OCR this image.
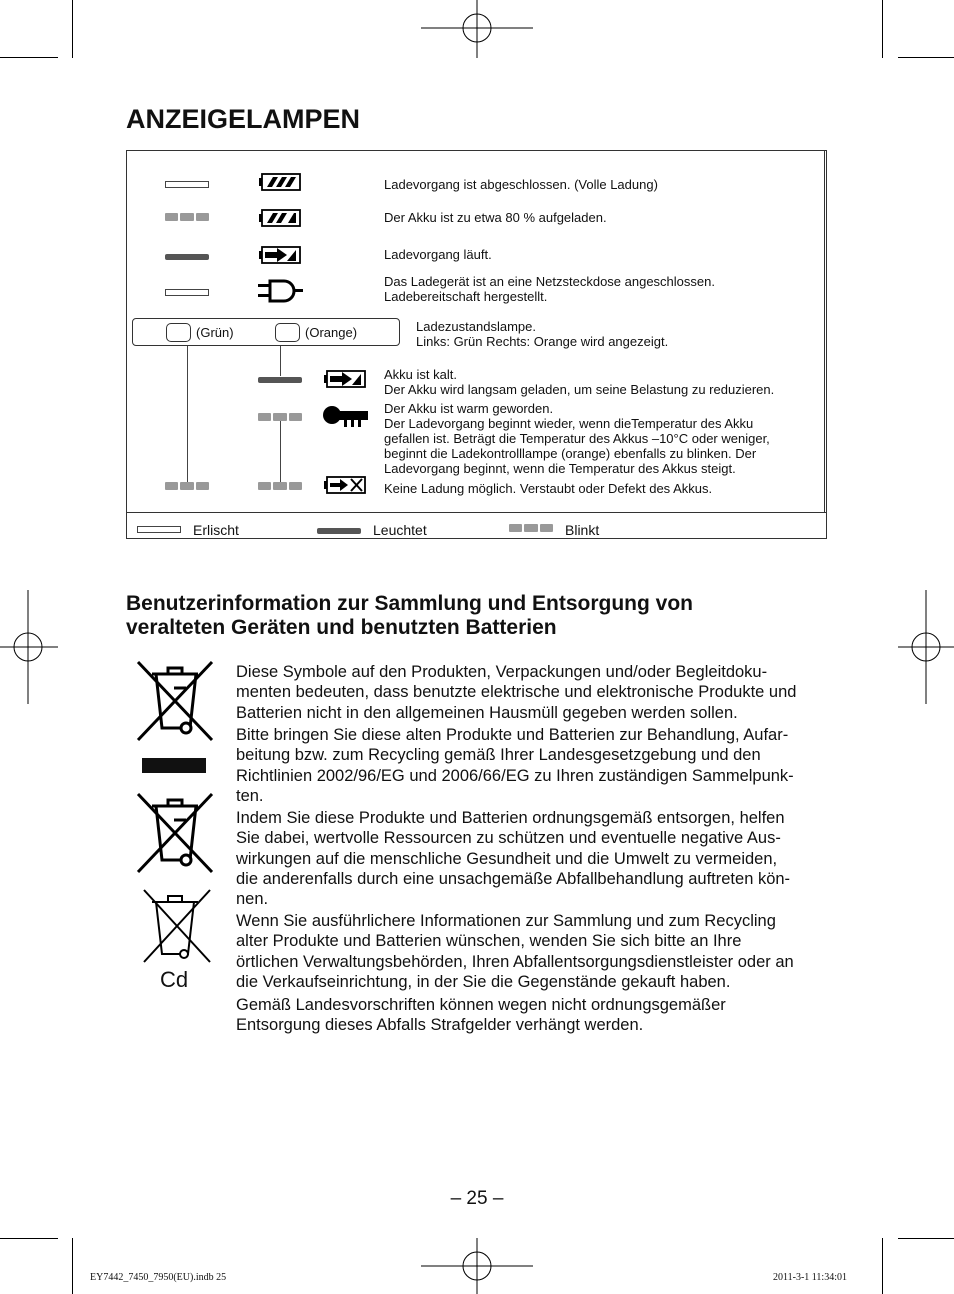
ANZEIGELAMPEN
Ladevorgang ist abgeschlossen. (Volle Ladung)
Der Akku ist zu etwa 80 % aufgeladen.
Ladevorgang läuft.
Das Ladegerät ist an eine Netzsteckdose angeschlossen.
Ladebereitschaft hergestellt.
(Grün)	(Orange)	Ladezustandslampe.
Links: Grün Rechts: Orange wird angezeigt.
Akku ist kalt.
Der Akku wird langsam geladen, um seine Belastung zu reduzieren.
Der Akku ist warm geworden.
Der Ladevorgang beginnt wieder, wenn dieTemperatur des Akku
gefallen ist. Beträgt die Temperatur des Akkus –10°C oder weniger,
beginnt die Ladekontrolllampe (orange) ebenfalls zu blinken. Der
Ladevorgang beginnt, wenn die Temperatur des Akkus steigt.
Keine Ladung möglich. Verstaubt oder Defekt des Akkus.
Erlischt	Leuchtet	Blinkt
Benutzerinformation zur Sammlung und Entsorgung von
veralteten Geräten und benutzten Batterien
Cd
Diese Symbole auf den Produkten, Verpackungen und/oder Begleitdoku-
menten bedeuten, dass benutzte elektrische und elektronische Produkte und
Batterien nicht in den allgemeinen Hausmüll gegeben werden sollen.
Bitte bringen Sie diese alten Produkte und Batterien zur Behandlung, Aufar-
beitung bzw. zum Recycling gemäß Ihrer Landesgesetzgebung und den
Richtlinien 2002/96/EG und 2006/66/EG zu Ihren zuständigen Sammelpunk-
ten.
Indem Sie diese Produkte und Batterien ordnungsgemäß entsorgen, helfen
Sie dabei, wertvolle Ressourcen zu schützen und eventuelle negative Aus-
wirkungen auf die menschliche Gesundheit und die Umwelt zu vermeiden,
die anderenfalls durch eine unsachgemäße Abfallbehandlung auftreten kön-
nen.
Wenn Sie ausführlichere Informationen zur Sammlung und zum Recycling
alter Produkte und Batterien wünschen, wenden Sie sich bitte an Ihre
örtlichen Verwaltungsbehörden, Ihren Abfallentsorgungsdienstleister oder an
die Verkaufseinrichtung, in der Sie die Gegenstände gekauft haben.
Gemäß Landesvorschriften können wegen nicht ordnungsgemäßer
Entsorgung dieses Abfalls Strafgelder verhängt werden.
– 25 –
EY7442_7450_7950(EU).indb 25	2011-3-1 11:34:01
